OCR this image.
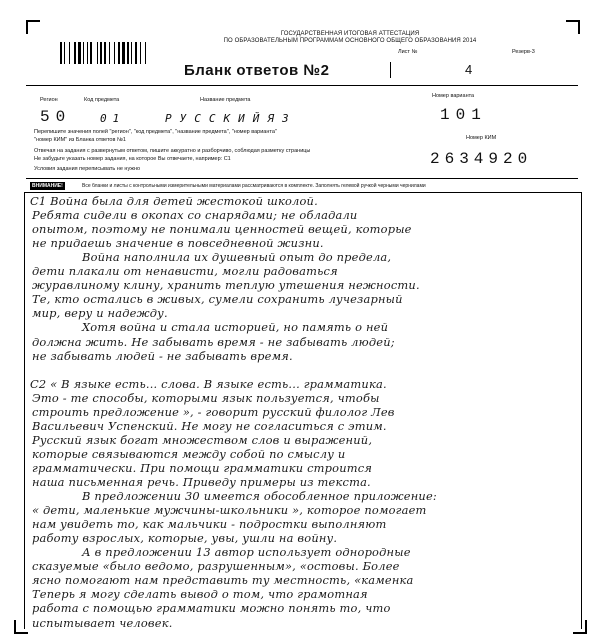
ГОСУДАРСТВЕННАЯ ИТОГОВАЯ АТТЕСТАЦИЯ
ПО ОБРАЗОВАТЕЛЬНЫМ ПРОГРАММАМ ОСНОВНОГО ОБЩЕГО ОБРАЗОВАНИЯ 2014
Лист №	Резерв-3
Бланк ответов №2	4
Регион	Код предмета	Название предмета
Номер варианта
50	01	РУССКИЙЯЗ	101
Номер КИМ
2634920
Перепишите значения полей "регион", "код предмета", "название предмета", "номер варианта"
"номер КИМ" из Бланка ответов №1
Отвечая на задания с развернутым ответом, пишите аккуратно и разборчиво, соблюдая разметку страницы
Не забудьте указать номер задания, на которое Вы отвечаете, например: С1
Условия задания переписывать не нужно
ВНИМАНИЕ!	Все бланки и листы с контрольными измерительными материалами рассматриваются в комплекте. Заполнять гелевой ручкой черными чернилами
С1 Война была для детей жестокой школой.
Ребята сидели в окопах со снарядами; не обладали
опытом, поэтому не понимали ценностей вещей, которые
не придаешь значение в повседневной жизни.
Война наполнила их душевный опыт до предела,
дети плакали от ненависти, могли радоваться
журавлиному клину, хранить теплую утешения нежности.
Те, кто остались в живых, сумели сохранить лучезарный
мир, веру и надежду.
Хотя война и стала историей, но память о ней
должна жить. Не забывать время - не забывать людей;
не забывать людей - не забывать время.
С2 « В языке есть... слова. В языке есть... грамматика.
Это - те способы, которыми язык пользуется, чтобы
строить предложение », - говорит русский филолог Лев
Васильевич Успенский. Не могу не согласиться с этим.
Русский язык богат множеством слов и выражений,
которые связываются между собой по смыслу и
грамматически. При помощи грамматики строится
наша письменная речь. Приведу примеры из текста.
В предложении 30 имеется обособленное приложение:
« дети, маленькие мужчины-школьники », которое помогает
нам увидеть то, как мальчики - подростки выполняют
работу взрослых, которые, увы, ушли на войну.
А в предложении 13 автор использует однородные
сказуемые «было ведомо, разрушенным», «остовы. Более
ясно помогают нам представить ту местность, «каменка
Теперь я могу сделать вывод о том, что грамотная
работа с помощью грамматики можно понять то, что
испытывает человек.
